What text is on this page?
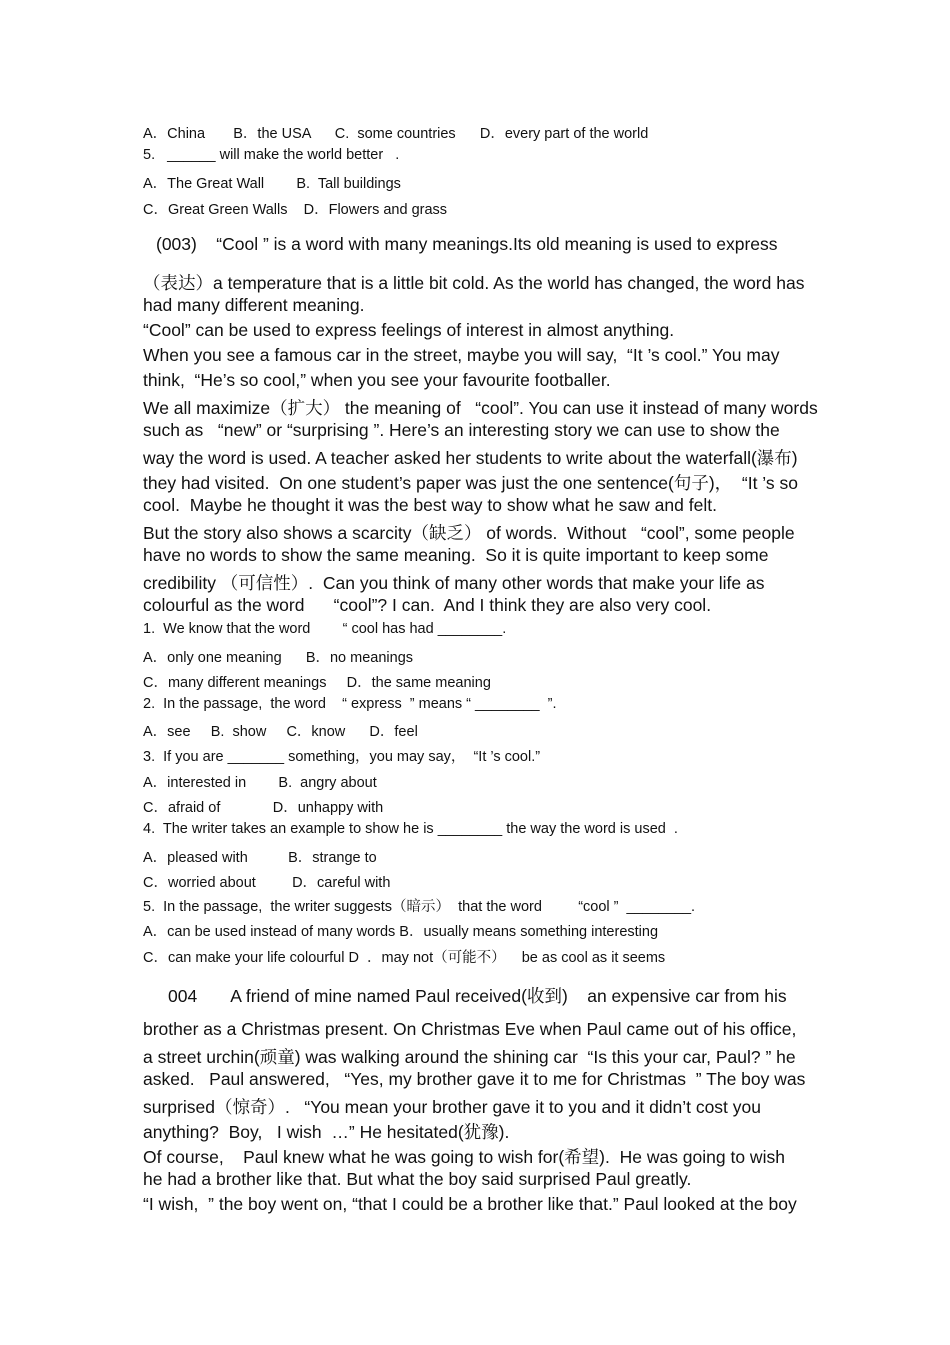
A．China       B．the USA      C.  some countries      D．every part of the world
5.   ______ will make the world better   .
A．The Great Wall        B.  Tall buildings
C．Great Green Walls    D．Flowers and grass
(003)    “Cool ” is a word with many meanings.Its old meaning is used to express
（表达）a temperature that is a little bit cold. As the world has changed, the word has
had many different meaning.
“Cool” can be used to express feelings of interest in almost anything.
When you see a famous car in the street, maybe you will say,  “It ’s cool.” You may
think,  “He’s so cool,” when you see your favourite footballer.
We all maximize（扩大） the meaning of   “cool”. You can use it instead of many words
such as   “new” or “surprising ”. Here’s an interesting story we can use to show the
way the word is used. A teacher asked her students to write about the waterfall(瀑布)
they had visited.  On one student’s paper was just the one sentence(句子)，  “It ’s so
cool.  Maybe he thought it was the best way to show what he saw and felt.
But the story also shows a scarcity（缺乏） of words.  Without   “cool”, some people
have no words to show the same meaning.  So it is quite important to keep some
credibility （可信性）.  Can you think of many other words that make your life as
colourful as the word      “cool”? I can.  And I think they are also very cool.
1.  We know that the word        “ cool has had ________.
A．only one meaning      B．no meanings
C．many different meanings     D．the same meaning
2.  In the passage,  the word    “ express  ” means “ ________  ”.
A．see     B.  show     C．know      D．feel
3.  If you are _______ something，you may say，  “It ’s cool.”
A．interested in        B.  angry about
C．afraid of             D．unhappy with
4.  The writer takes an example to show he is ________ the way the word is used  .
A．pleased with          B．strange to
C．worried about         D．careful with
5.  In the passage,  the writer suggests（暗示）  that the word         “cool ”  ________.
A．can be used instead of many words B．usually means something interesting
C．can make your life colourful D  ．may not（可能不）    be as cool as it seems
004       A friend of mine named Paul received(收到)    an expensive car from his
brother as a Christmas present. On Christmas Eve when Paul came out of his office,
a street urchin(顽童) was walking around the shining car  “Is this your car, Paul? ” he
asked.   Paul answered,   “Yes, my brother gave it to me for Christmas  ” The boy was
surprised（惊奇）.   “You mean your brother gave it to you and it didn’t cost you
anything?  Boy,   I wish  …” He hesitated(犹豫).
Of course,    Paul knew what he was going to wish for(希望).  He was going to wish
he had a brother like that. But what the boy said surprised Paul greatly.
“I wish,  ” the boy went on, “that I could be a brother like that.” Paul looked at the boy
